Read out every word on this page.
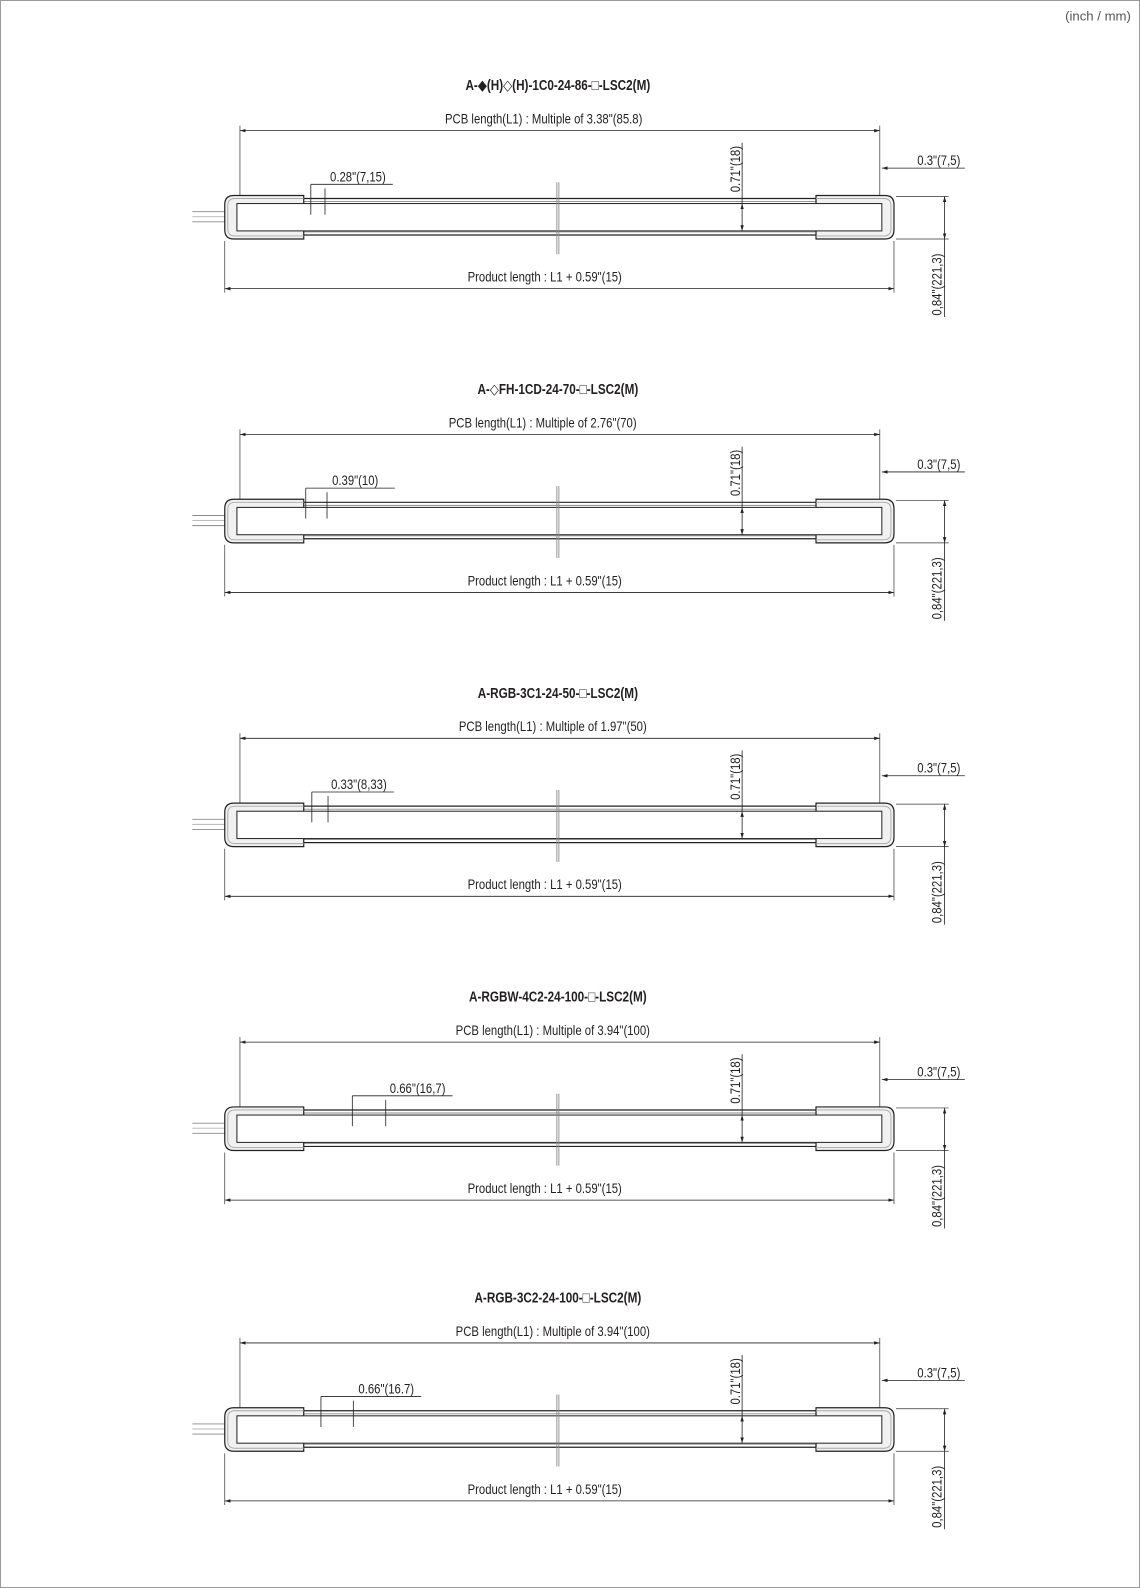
(inch / mm)
A-◆(H)◇(H)-1C0-24-86-□-LSC2(M)
PCB length(L1) : Multiple of 3.38"(85.8)
0.28"(7,15)	0.71"(18)	0.3"(7,5)
0,84"(221,3)
Product length : L1 + 0.59"(15)
A-◇FH-1CD-24-70-□-LSC2(M)
PCB length(L1) : Multiple of 2.76"(70)
0.39"(10)	0.71"(18)	0.3"(7,5)
0,84"(221,3)
Product length : L1 + 0.59"(15)
A-RGB-3C1-24-50-□-LSC2(M)
PCB length(L1) : Multiple of 1.97"(50)
0.33"(8,33)	0.71"(18)	0.3"(7,5)
0,84"(221,3)
Product length : L1 + 0.59"(15)
A-RGBW-4C2-24-100-□-LSC2(M)
PCB length(L1) : Multiple of 3.94"(100)
0.66"(16,7)	0.71"(18)	0.3"(7,5)
0,84"(221,3)
Product length : L1 + 0.59"(15)
A-RGB-3C2-24-100-□-LSC2(M)
PCB length(L1) : Multiple of 3.94"(100)
0.66"(16.7)	0.71"(18)	0.3"(7,5)
0,84"(221,3)
Product length : L1 + 0.59"(15)
